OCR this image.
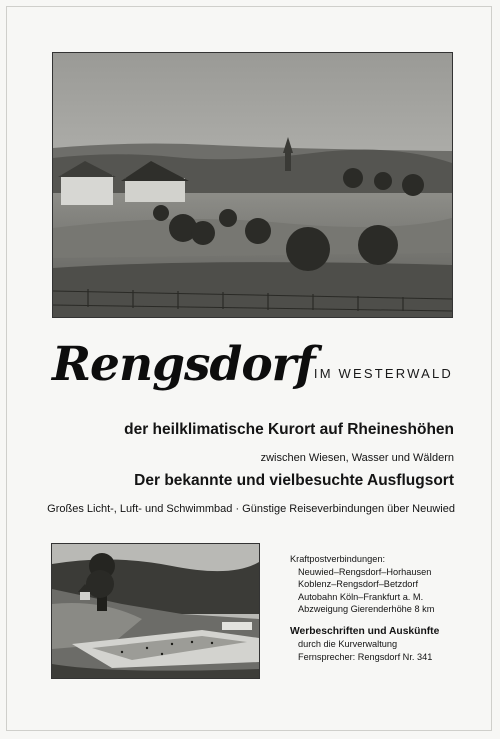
Rengsdorf IM WESTERWALD
der heilklimatische Kurort auf Rheineshöhen
zwischen Wiesen, Wasser und Wäldern
Der bekannte und vielbesuchte Ausflugsort
Großes Licht-, Luft- und Schwimmbad · Günstige Reiseverbindungen über Neuwied
Kraftpostverbindungen:
Neuwied–Rengsdorf–Horhausen
Koblenz–Rengsdorf–Betzdorf
Autobahn Köln–Frankfurt a. M.
Abzweigung Gierenderhöhe 8 km
Werbeschriften und Auskünfte
durch die Kurverwaltung
Fernsprecher: Rengsdorf Nr. 341
